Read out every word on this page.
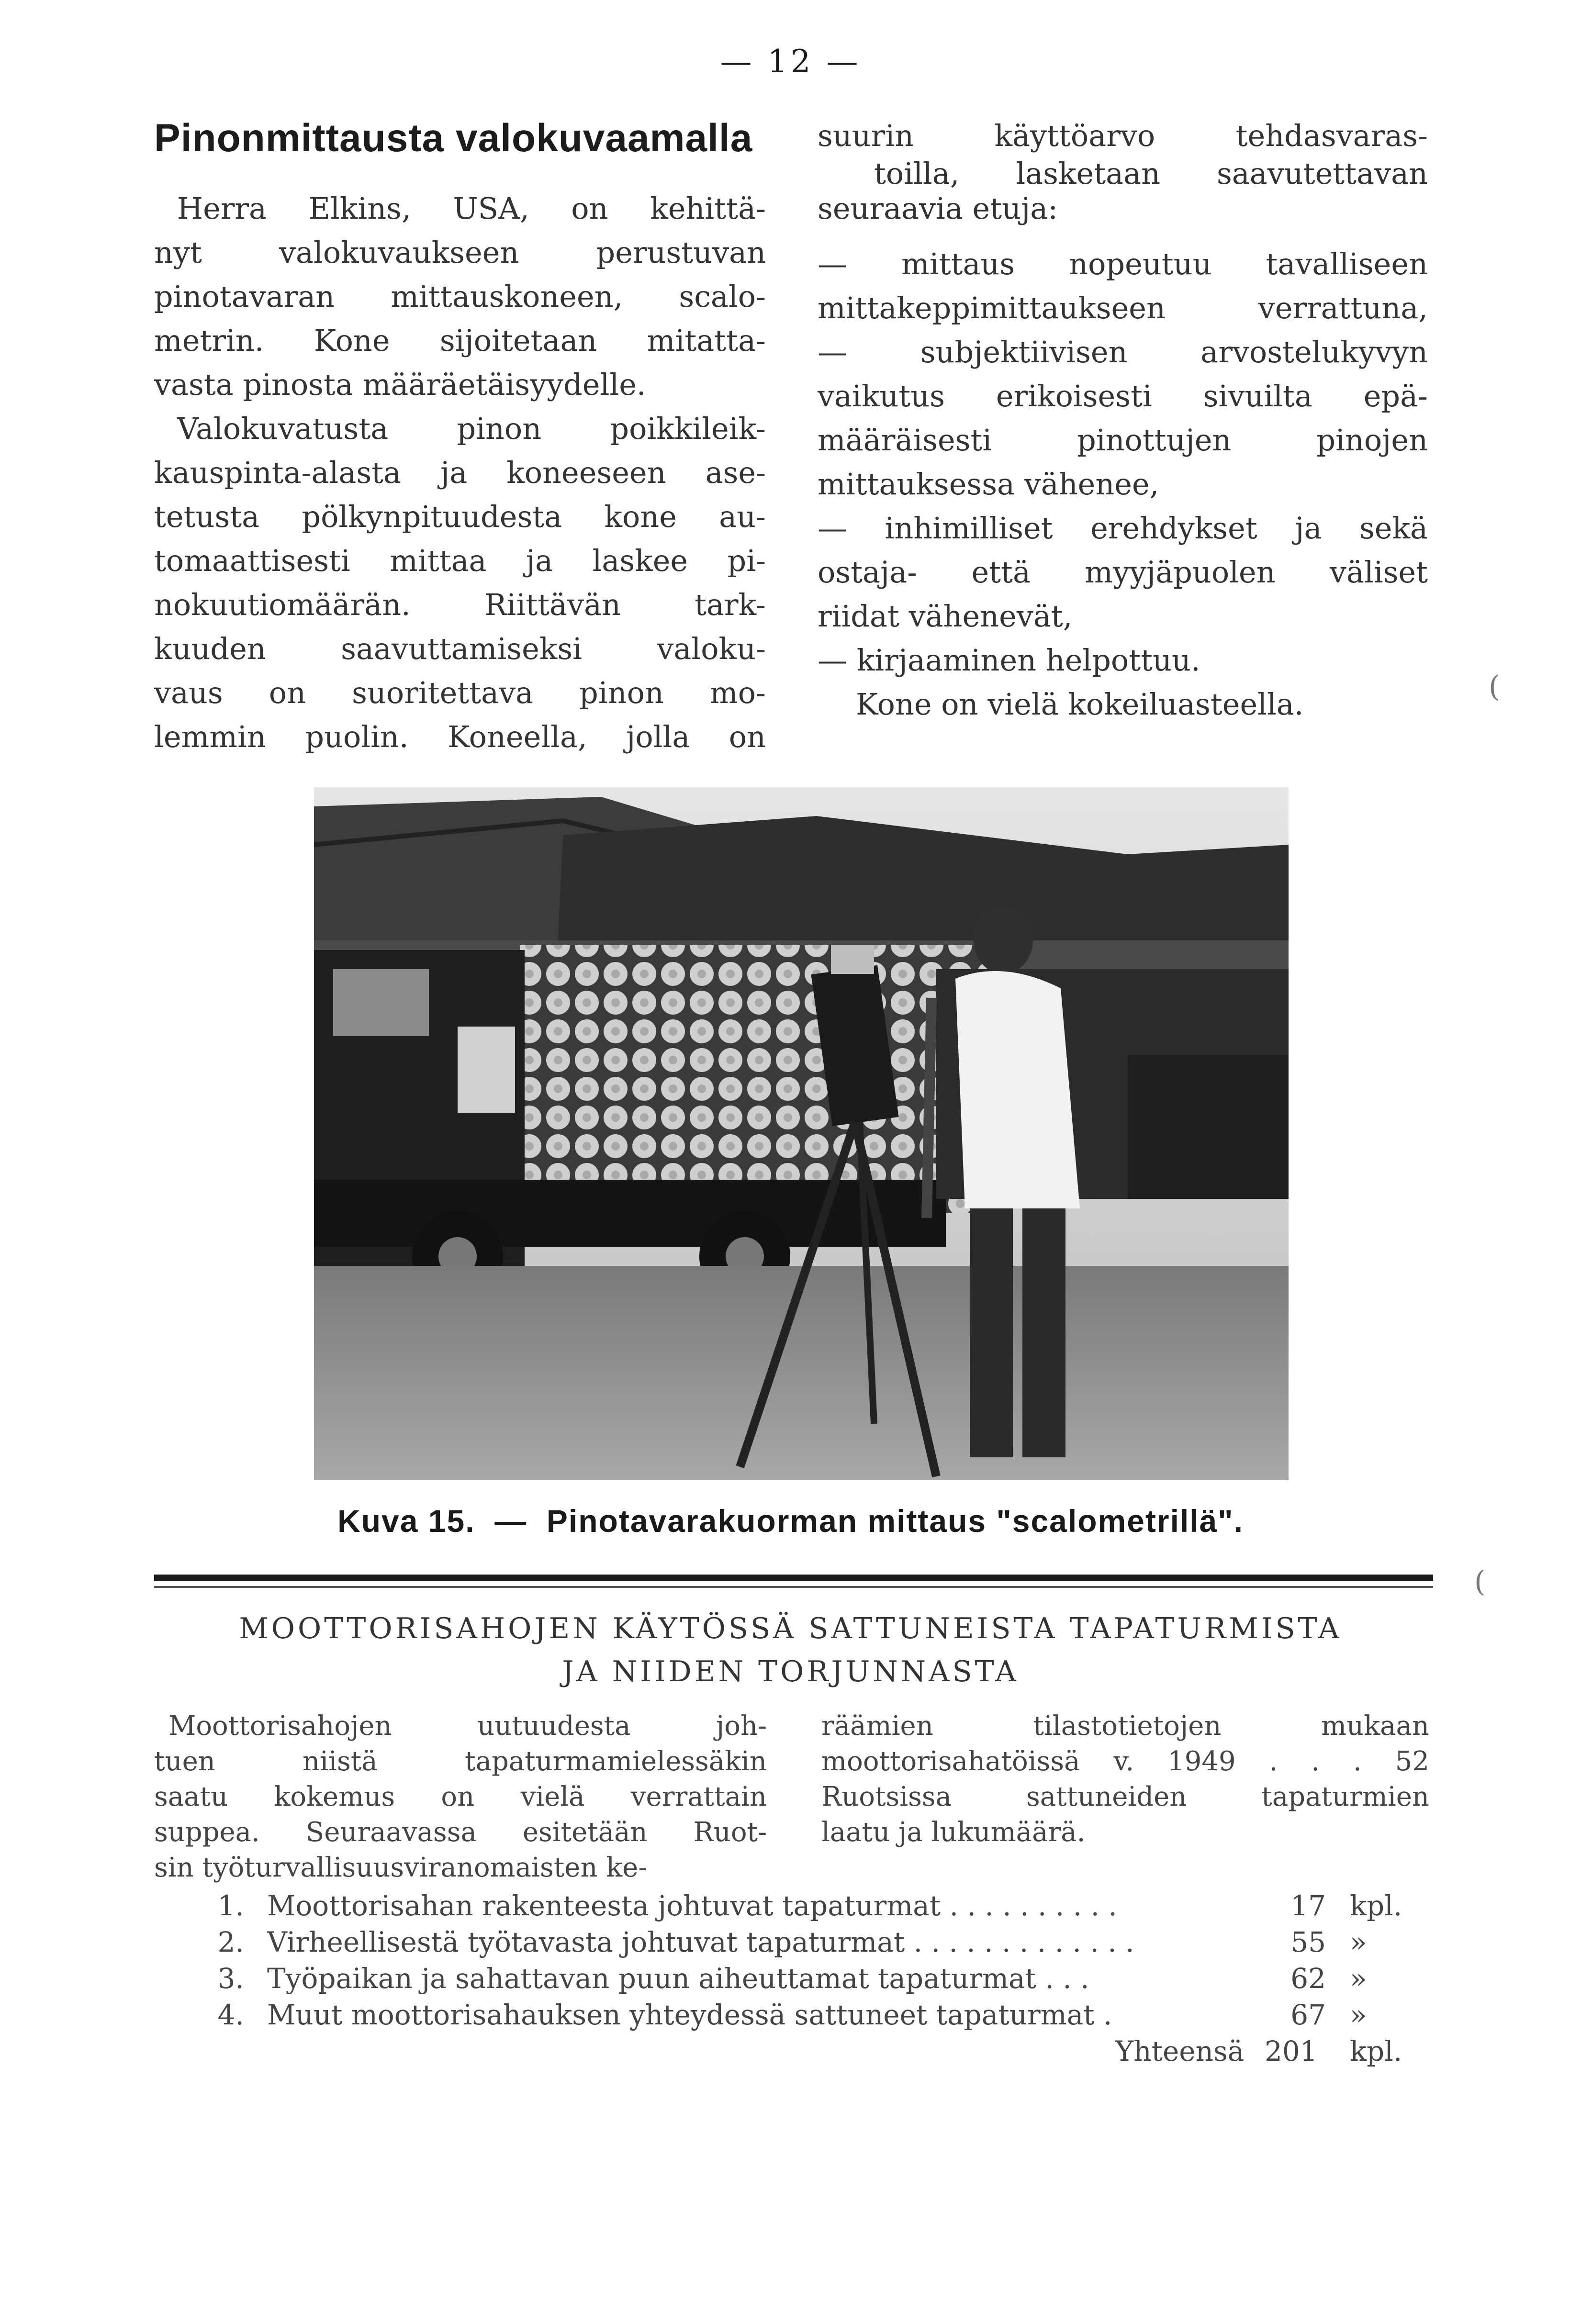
— 12 —
Pinonmittausta valokuvaamalla

Herra Elkins, USA, on kehittä-

nyt valokuvaukseen perustuvan

pinotavaran mittauskoneen, scalo-

metrin. Kone sijoitetaan mitatta-

vasta pinosta määräetäisyydelle.

Valokuvatusta pinon poikkileik-

kauspinta-alasta ja koneeseen ase-

tetusta pölkynpituudesta kone au-

tomaattisesti mittaa ja laskee pi-

nokuutiomäärän. Riittävän tark-

kuuden saavuttamiseksi valoku-

vaus on suoritettava pinon mo-

lemmin puolin. Koneella, jolla on

suurin käyttöarvo tehdasvaras-

toilla, lasketaan saavutettavan

seuraavia etuja:

— mittaus nopeutuu tavalliseen

mittakeppimittaukseen verrattuna,

— subjektiivisen arvostelukyvyn

vaikutus erikoisesti sivuilta epä-

määräisesti pinottujen pinojen

mittauksessa vähenee,

— inhimilliset erehdykset ja sekä

ostaja- että myyjäpuolen väliset

riidat vähenevät,

— kirjaaminen helpottuu.

Kone on vielä kokeiluasteella.	(
Kuva 15.  —  Pinotavarakuorman mittaus "scalometrillä".
(
MOOTTORISAHOJEN KÄYTÖSSÄ SATTUNEISTA TAPATURMISTA
JA NIIDEN TORJUNNASTA

Moottorisahojen uutuudesta joh-

tuen niistä tapaturmamielessäkin

saatu kokemus on vielä verrattain

suppea. Seuraavassa esitetään Ruot-

sin työturvallisuusviranomaisten ke-

räämien tilastotietojen mukaan

moottorisahatöissä v. 1949 . . . 52

Ruotsissa sattuneiden tapaturmien

laatu ja lukumäärä.

1. Moottorisahan rakenteesta johtuvat tapaturmat . . . . . . . . . .	17 kpl.
2. Virheellisestä työtavasta johtuvat tapaturmat . . . . . . . . . . . . .	55 »
3. Työpaikan ja sahattavan puun aiheuttamat tapaturmat . . .	62 »
4. Muut moottorisahauksen yhteydessä sattuneet tapaturmat .	67 »
Yhteensä 201 kpl.
